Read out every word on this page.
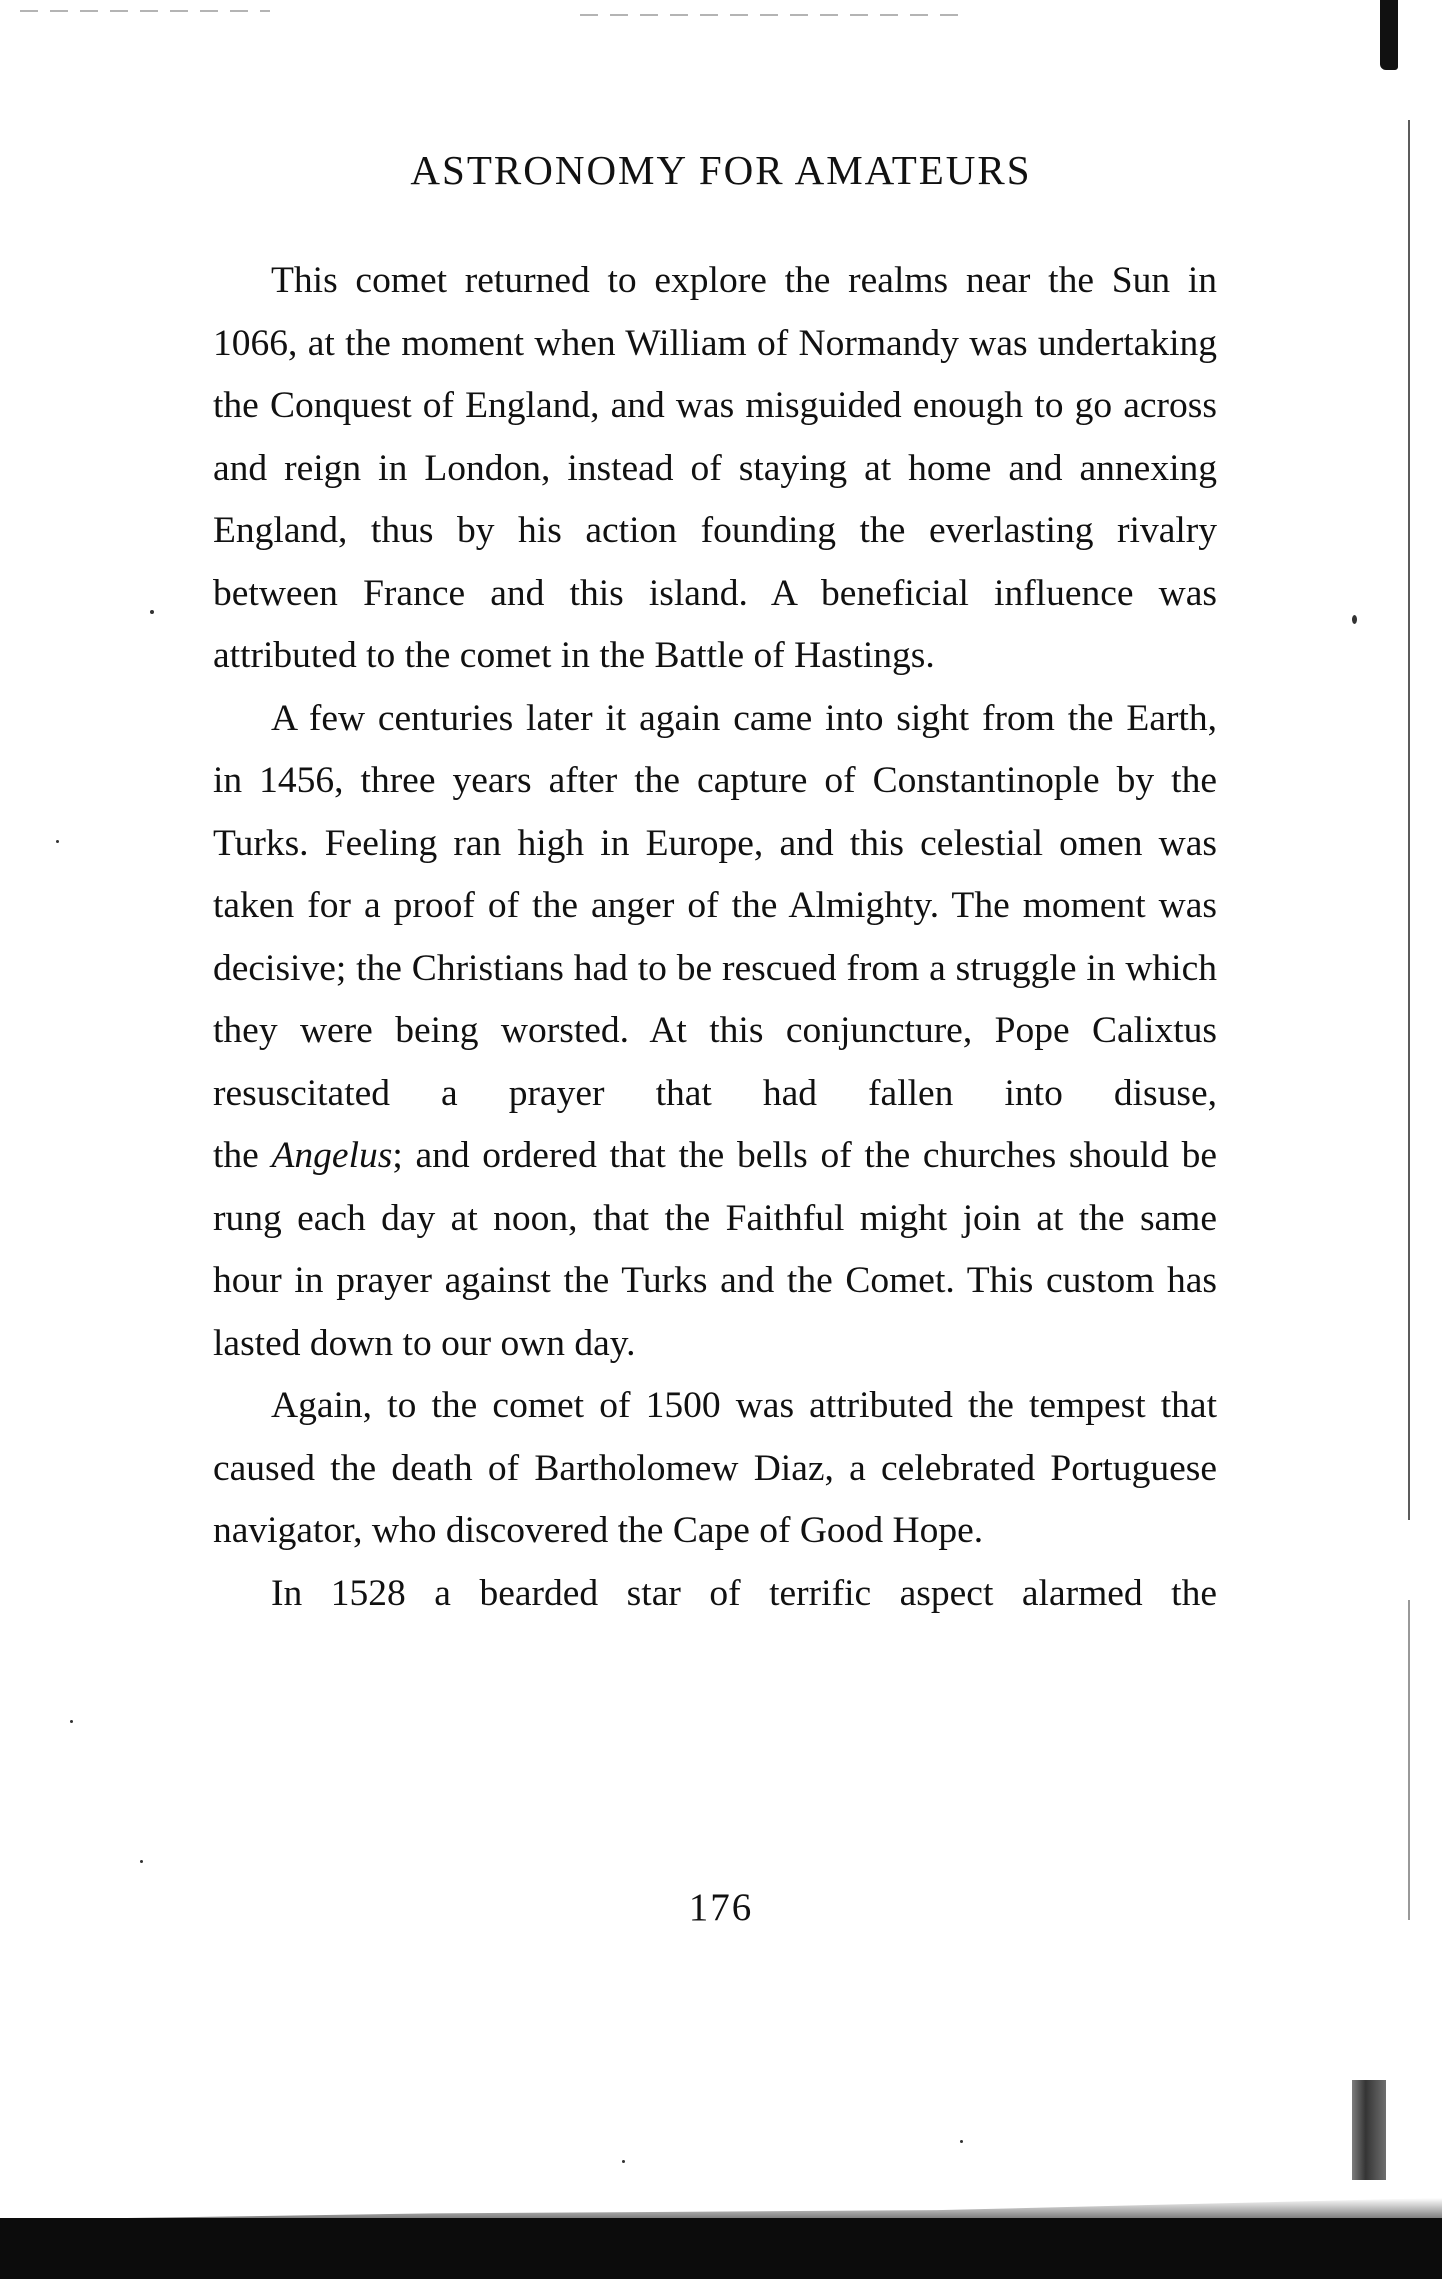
ASTRONOMY FOR AMATEURS

This comet returned to explore the realms near the Sun in 1066, at the moment when William of Normandy was undertaking the Conquest of England, and was misguided enough to go across and reign in London, instead of staying at home and annexing England, thus by his action founding the everlasting rivalry between France and this island. A beneficial influence was attributed to the comet in the Battle of Hastings.

A few centuries later it again came into sight from the Earth, in 1456, three years after the capture of Constantinople by the Turks. Feeling ran high in Europe, and this celestial omen was taken for a proof of the anger of the Almighty. The moment was decisive; the Christians had to be rescued from a struggle in which they were being worsted. At this conjuncture, Pope Calixtus resuscitated a prayer that had fallen into disuse,

the Angelus; and ordered that the bells of the churches should be rung each day at noon, that the Faithful might join at the same hour in prayer against the Turks and the Comet. This custom has lasted down to our own day.

Again, to the comet of 1500 was attributed the tempest that caused the death of Bartholomew Diaz, a celebrated Portuguese navigator, who discovered the Cape of Good Hope.

In 1528 a bearded star of terrific aspect alarmed the

176
